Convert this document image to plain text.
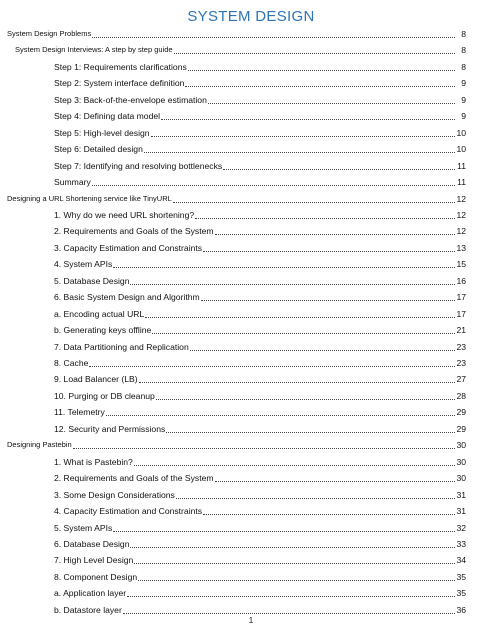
SYSTEM DESIGN
System Design Problems	8
System Design Interviews: A step by step guide	8
Step 1: Requirements clarifications	8
Step 2: System interface definition	9
Step 3: Back-of-the-envelope estimation	9
Step 4: Defining data model	9
Step 5: High-level design	10
Step 6: Detailed design	10
Step 7: Identifying and resolving bottlenecks	11
Summary	11
Designing a URL Shortening service like TinyURL	12
1. Why do we need URL shortening?	12
2. Requirements and Goals of the System	12
3. Capacity Estimation and Constraints	13
4. System APIs	15
5. Database Design	16
6. Basic System Design and Algorithm	17
a. Encoding actual URL	17
b. Generating keys offline	21
7. Data Partitioning and Replication	23
8. Cache	23
9. Load Balancer (LB)	27
10. Purging or DB cleanup	28
11. Telemetry	29
12. Security and Permissions	29
Designing Pastebin	30
1. What is Pastebin?	30
2. Requirements and Goals of the System	30
3. Some Design Considerations	31
4. Capacity Estimation and Constraints	31
5. System APIs	32
6. Database Design	33
7. High Level Design	34
8. Component Design	35
a. Application layer	35
b. Datastore layer	36
1
